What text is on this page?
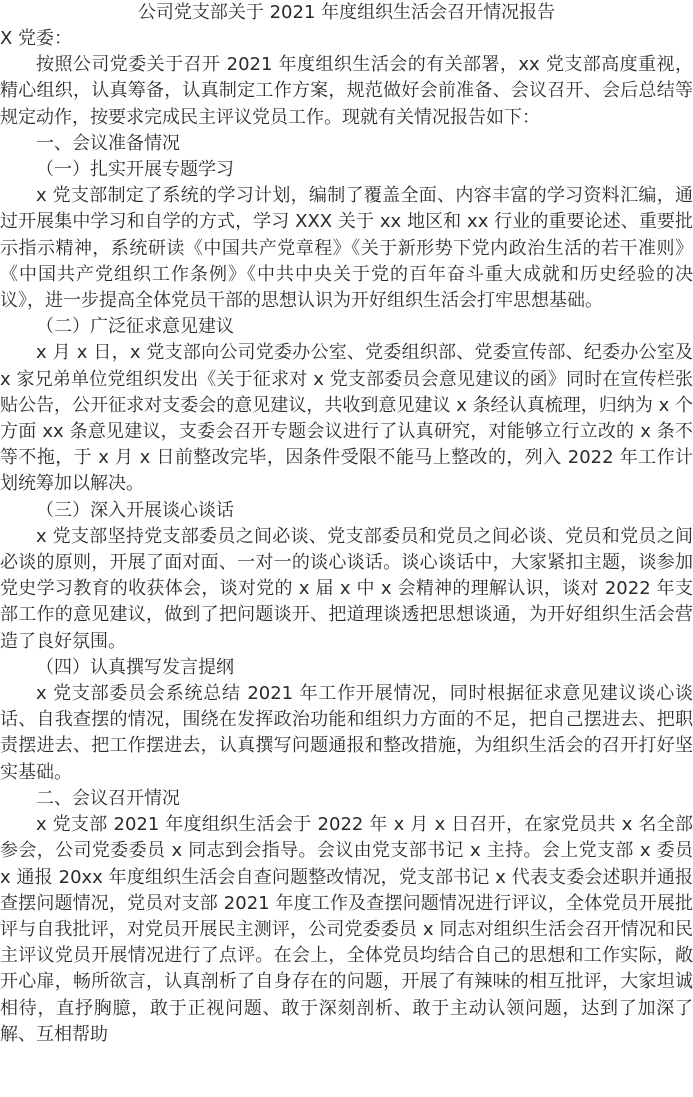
公司党支部关于 2021 年度组织生活会召开情况报告

X 党委：

按照公司党委关于召开 2021 年度组织生活会的有关部署，xx 党支部高度重视，精心组织，认真筹备，认真制定工作方案，规范做好会前准备、会议召开、会后总结等规定动作，按要求完成民主评议党员工作。现就有关情况报告如下：

一、会议准备情况

（一）扎实开展专题学习

x 党支部制定了系统的学习计划，编制了覆盖全面、内容丰富的学习资料汇编，通过开展集中学习和自学的方式，学习 XXX 关于 xx 地区和 xx 行业的重要论述、重要批示指示精神，系统研读《中国共产党章程》《关于新形势下党内政治生活的若干准则》《中国共产党组织工作条例》《中共中央关于党的百年奋斗重大成就和历史经验的决议》，进一步提高全体党员干部的思想认识为开好组织生活会打牢思想基础。

（二）广泛征求意见建议

x 月 x 日，x 党支部向公司党委办公室、党委组织部、党委宣传部、纪委办公室及 x 家兄弟单位党组织发出《关于征求对 x 党支部委员会意见建议的函》同时在宣传栏张贴公告，公开征求对支委会的意见建议，共收到意见建议 x 条经认真梳理，归纳为 x 个方面 xx 条意见建议，支委会召开专题会议进行了认真研究，对能够立行立改的 x 条不等不拖，于 x 月 x 日前整改完毕，因条件受限不能马上整改的，列入 2022 年工作计划统筹加以解决。

（三）深入开展谈心谈话

x 党支部坚持党支部委员之间必谈、党支部委员和党员之间必谈、党员和党员之间必谈的原则，开展了面对面、一对一的谈心谈话。谈心谈话中，大家紧扣主题，谈参加党史学习教育的收获体会，谈对党的 x 届 x 中 x 会精神的理解认识，谈对 2022 年支部工作的意见建议，做到了把问题谈开、把道理谈透把思想谈通，为开好组织生活会营造了良好氛围。

（四）认真撰写发言提纲

x 党支部委员会系统总结 2021 年工作开展情况，同时根据征求意见建议谈心谈话、自我查摆的情况，围绕在发挥政治功能和组织力方面的不足，把自己摆进去、把职责摆进去、把工作摆进去，认真撰写问题通报和整改措施，为组织生活会的召开打好坚实基础。

二、会议召开情况

x 党支部 2021 年度组织生活会于 2022 年 x 月 x 日召开，在家党员共 x 名全部参会，公司党委委员 x 同志到会指导。会议由党支部书记 x 主持。会上党支部 x 委员 x 通报 20xx 年度组织生活会自查问题整改情况，党支部书记 x 代表支委会述职并通报查摆问题情况，党员对支部 2021 年度工作及查摆问题情况进行评议，全体党员开展批评与自我批评，对党员开展民主测评，公司党委委员 x 同志对组织生活会召开情况和民主评议党员开展情况进行了点评。在会上，全体党员均结合自己的思想和工作实际，敞开心扉，畅所欲言，认真剖析了自身存在的问题，开展了有辣味的相互批评，大家坦诚相待，直抒胸臆，敢于正视问题、敢于深刻剖析、敢于主动认领问题，达到了加深了解、互相帮助
